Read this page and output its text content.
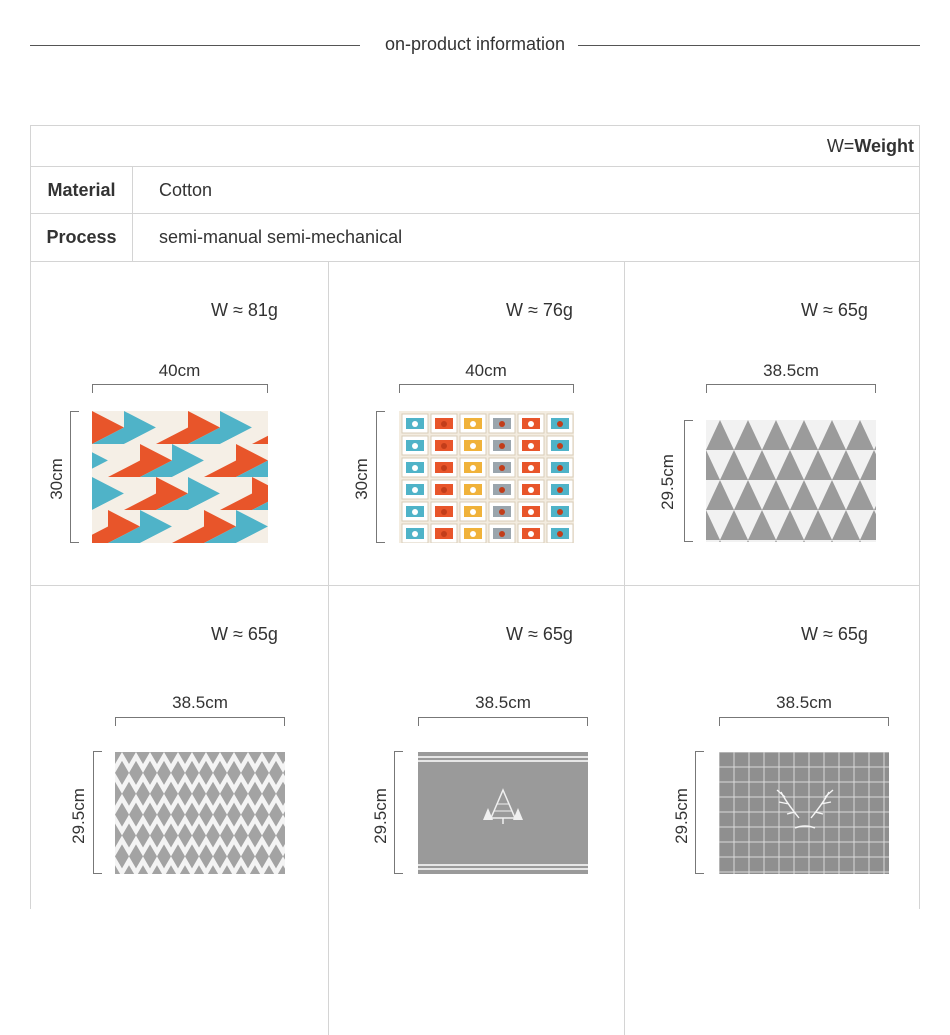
on-product information
W=Weight
Material	Cotton
Process	semi-manual semi-mechanical
W ≈ 81g
40cm
30cm
W ≈ 76g
40cm
30cm
W ≈ 65g
38.5cm
29.5cm
W ≈ 65g
38.5cm
29.5cm
W ≈ 65g
38.5cm
29.5cm
W ≈ 65g
38.5cm
29.5cm
